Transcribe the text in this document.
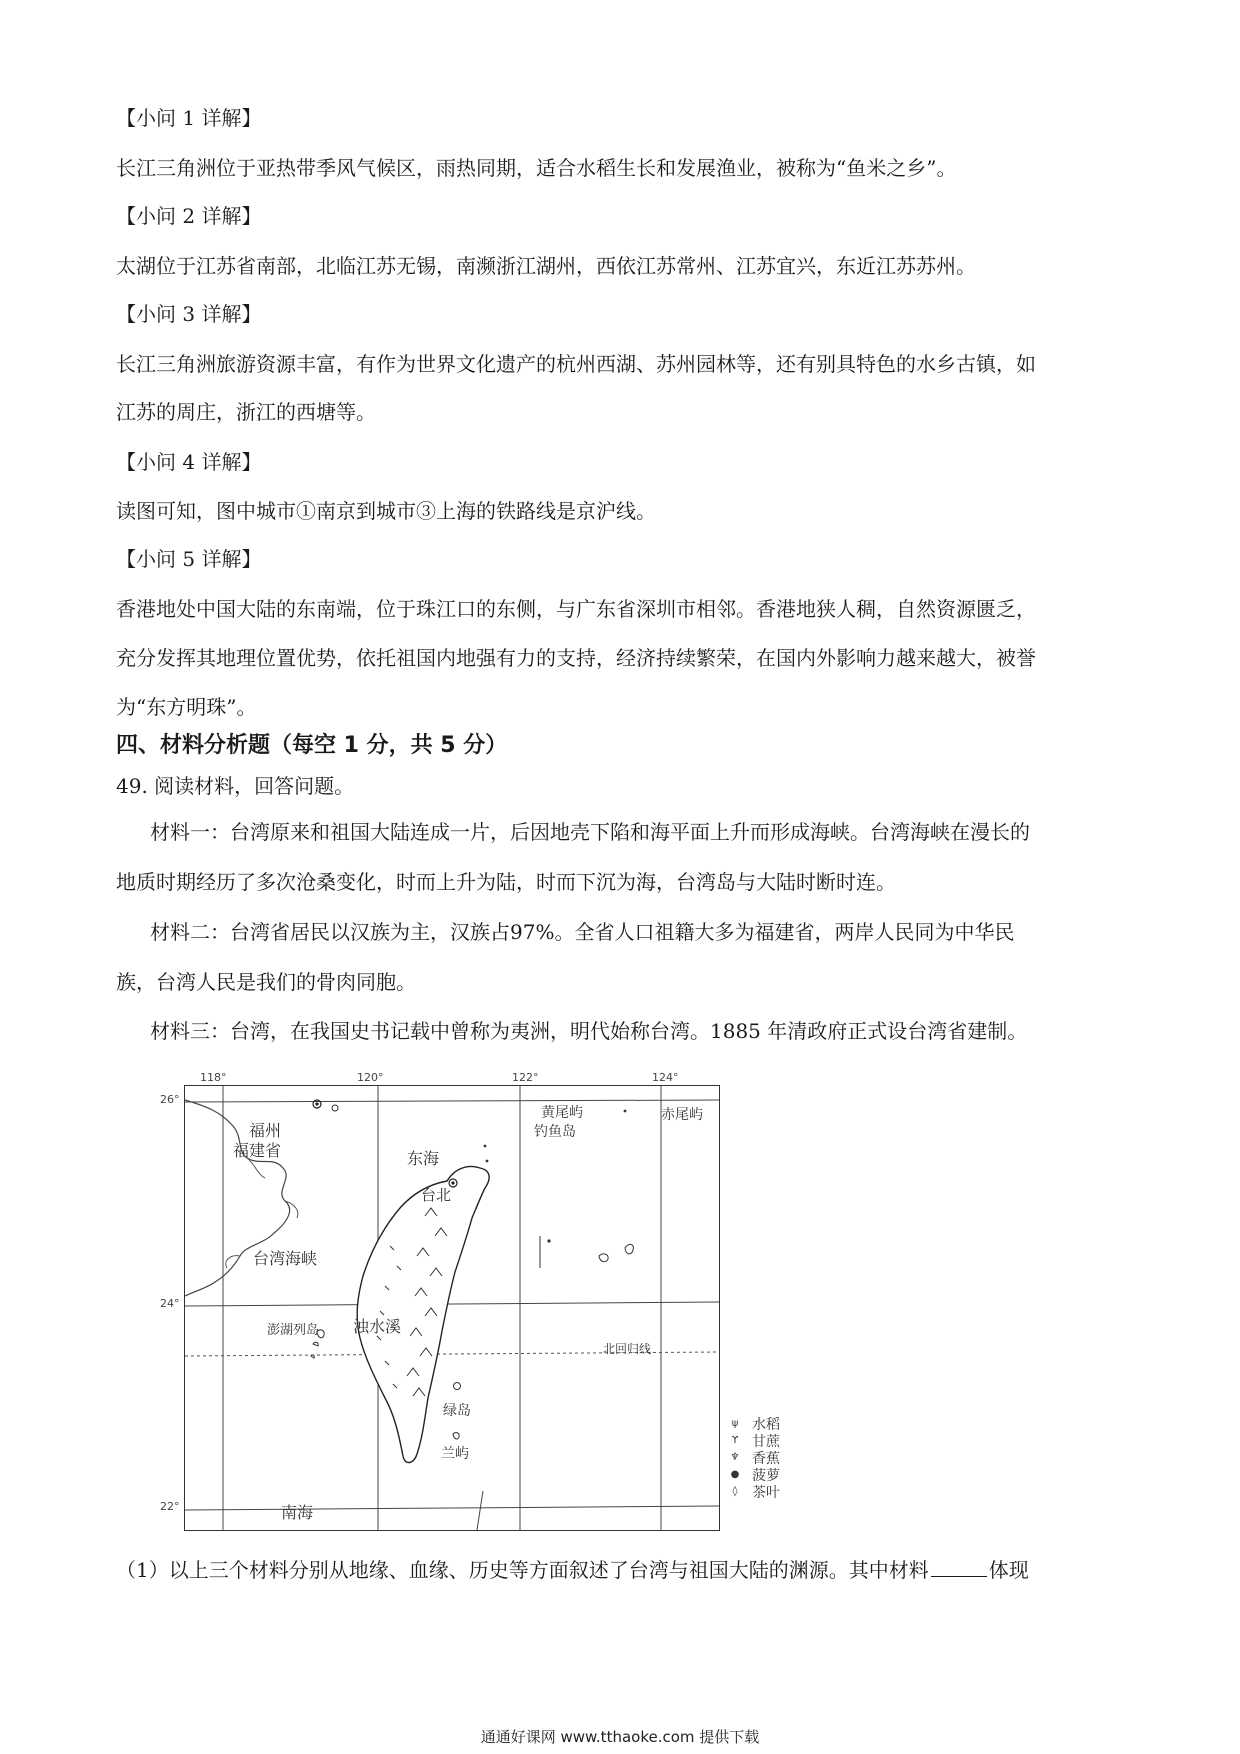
【小问 1 详解】
长江三角洲位于亚热带季风气候区，雨热同期，适合水稻生长和发展渔业，被称为“鱼米之乡”。
【小问 2 详解】
太湖位于江苏省南部，北临江苏无锡，南濒浙江湖州，西依江苏常州、江苏宜兴，东近江苏苏州。
【小问 3 详解】
长江三角洲旅游资源丰富，有作为世界文化遗产的杭州西湖、苏州园林等，还有别具特色的水乡古镇，如
江苏的周庄，浙江的西塘等。
【小问 4 详解】
读图可知，图中城市①南京到城市③上海的铁路线是京沪线。
【小问 5 详解】
香港地处中国大陆的东南端，位于珠江口的东侧，与广东省深圳市相邻。香港地狭人稠，自然资源匮乏，
充分发挥其地理位置优势，依托祖国内地强有力的支持，经济持续繁荣，在国内外影响力越来越大，被誉
为“东方明珠”。
四、材料分析题（每空 1 分，共 5 分）
49. 阅读材料，回答问题。
材料一：台湾原来和祖国大陆连成一片，后因地壳下陷和海平面上升而形成海峡。台湾海峡在漫长的
地质时期经历了多次沧桑变化，时而上升为陆，时而下沉为海，台湾岛与大陆时断时连。
材料二：台湾省居民以汉族为主，汉族占97%。全省人口祖籍大多为福建省，两岸人民同为中华民
族，台湾人民是我们的骨肉同胞。
材料三：台湾，在我国史书记载中曾称为夷洲，明代始称台湾。1885 年清政府正式设台湾省建制。
福州
福建省	东海
黄尾屿
钓鱼岛
赤尾屿
台北
台湾海峡
澎湖列岛 浊水溪
北回归线
绿岛
兰屿
南海
118°	120°	122°	124°
26°
24°
22°
ψ 水稻
ϒ 甘蔗
♆ 香蕉
● 菠萝
◊	茶叶
（1）以上三个材料分别从地缘、血缘、历史等方面叙述了台湾与祖国大陆的渊源。其中材料	体现
通通好课网 www.tthaoke.com 提供下载
